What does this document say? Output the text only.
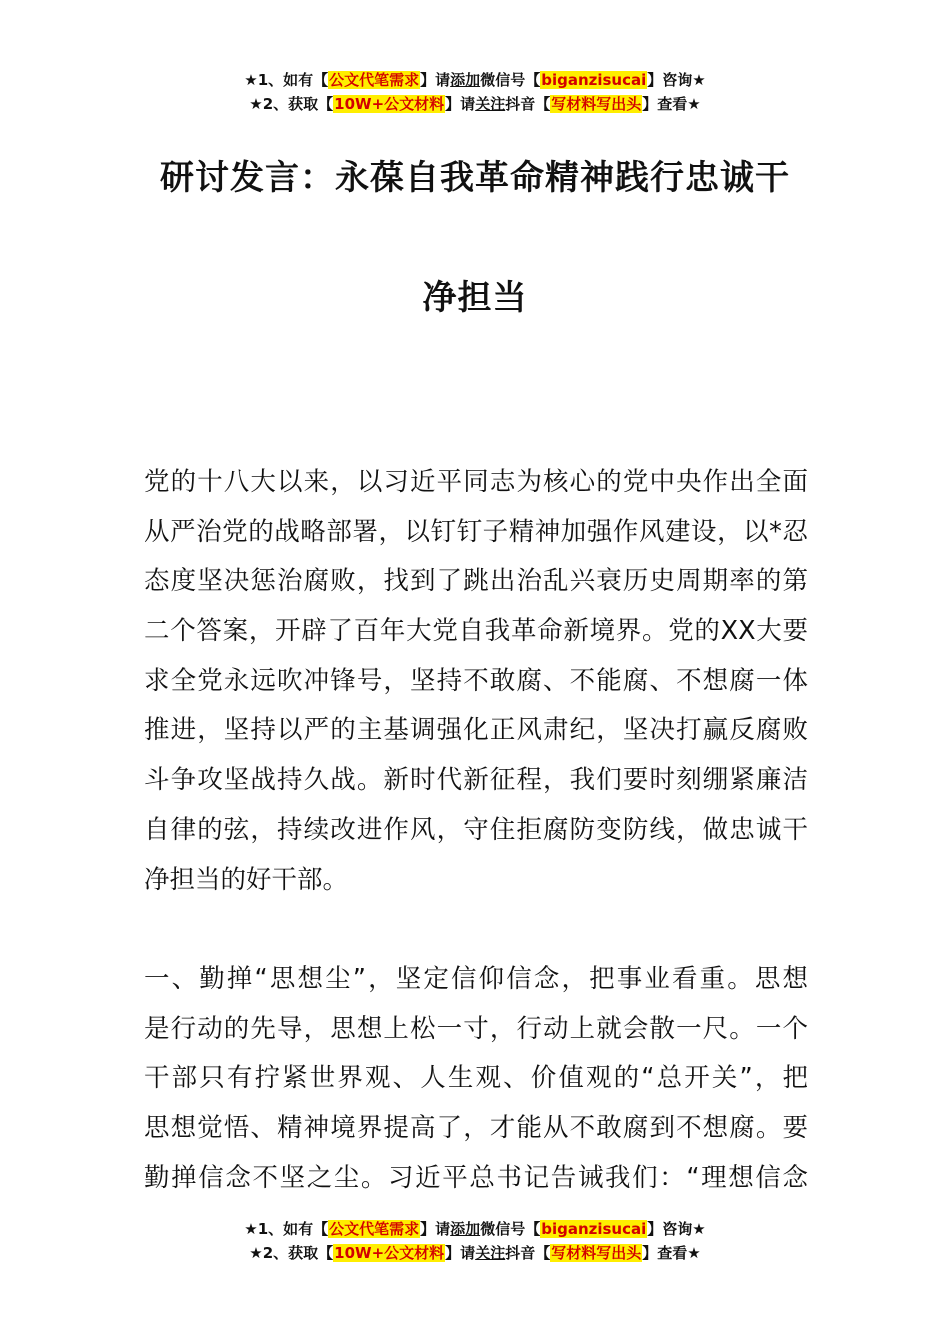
★1、如有【公文代笔需求】请添加微信号【biganzisucai】咨询★
★2、获取【10W+公文材料】请关注抖音【写材料写出头】查看★
研讨发言：永葆自我革命精神践行忠诚干
净担当
党的十八大以来，以习近平同志为核心的党中央作出全面
从严治党的战略部署，以钉钉子精神加强作风建设，以*忍
态度坚决惩治腐败，找到了跳出治乱兴衰历史周期率的第
二个答案，开辟了百年大党自我革命新境界。党的XX大要
求全党永远吹冲锋号，坚持不敢腐、不能腐、不想腐一体
推进，坚持以严的主基调强化正风肃纪，坚决打赢反腐败
斗争攻坚战持久战。新时代新征程，我们要时刻绷紧廉洁
自律的弦，持续改进作风，守住拒腐防变防线，做忠诚干
净担当的好干部。
一、勤掸“思想尘”，坚定信仰信念，把事业看重。思想
是行动的先导，思想上松一寸，行动上就会散一尺。一个
干部只有拧紧世界观、人生观、价值观的“总开关”，把
思想觉悟、精神境界提高了，才能从不敢腐到不想腐。要
勤掸信念不坚之尘。习近平总书记告诫我们：“理想信念
★1、如有【公文代笔需求】请添加微信号【biganzisucai】咨询★
★2、获取【10W+公文材料】请关注抖音【写材料写出头】查看★
